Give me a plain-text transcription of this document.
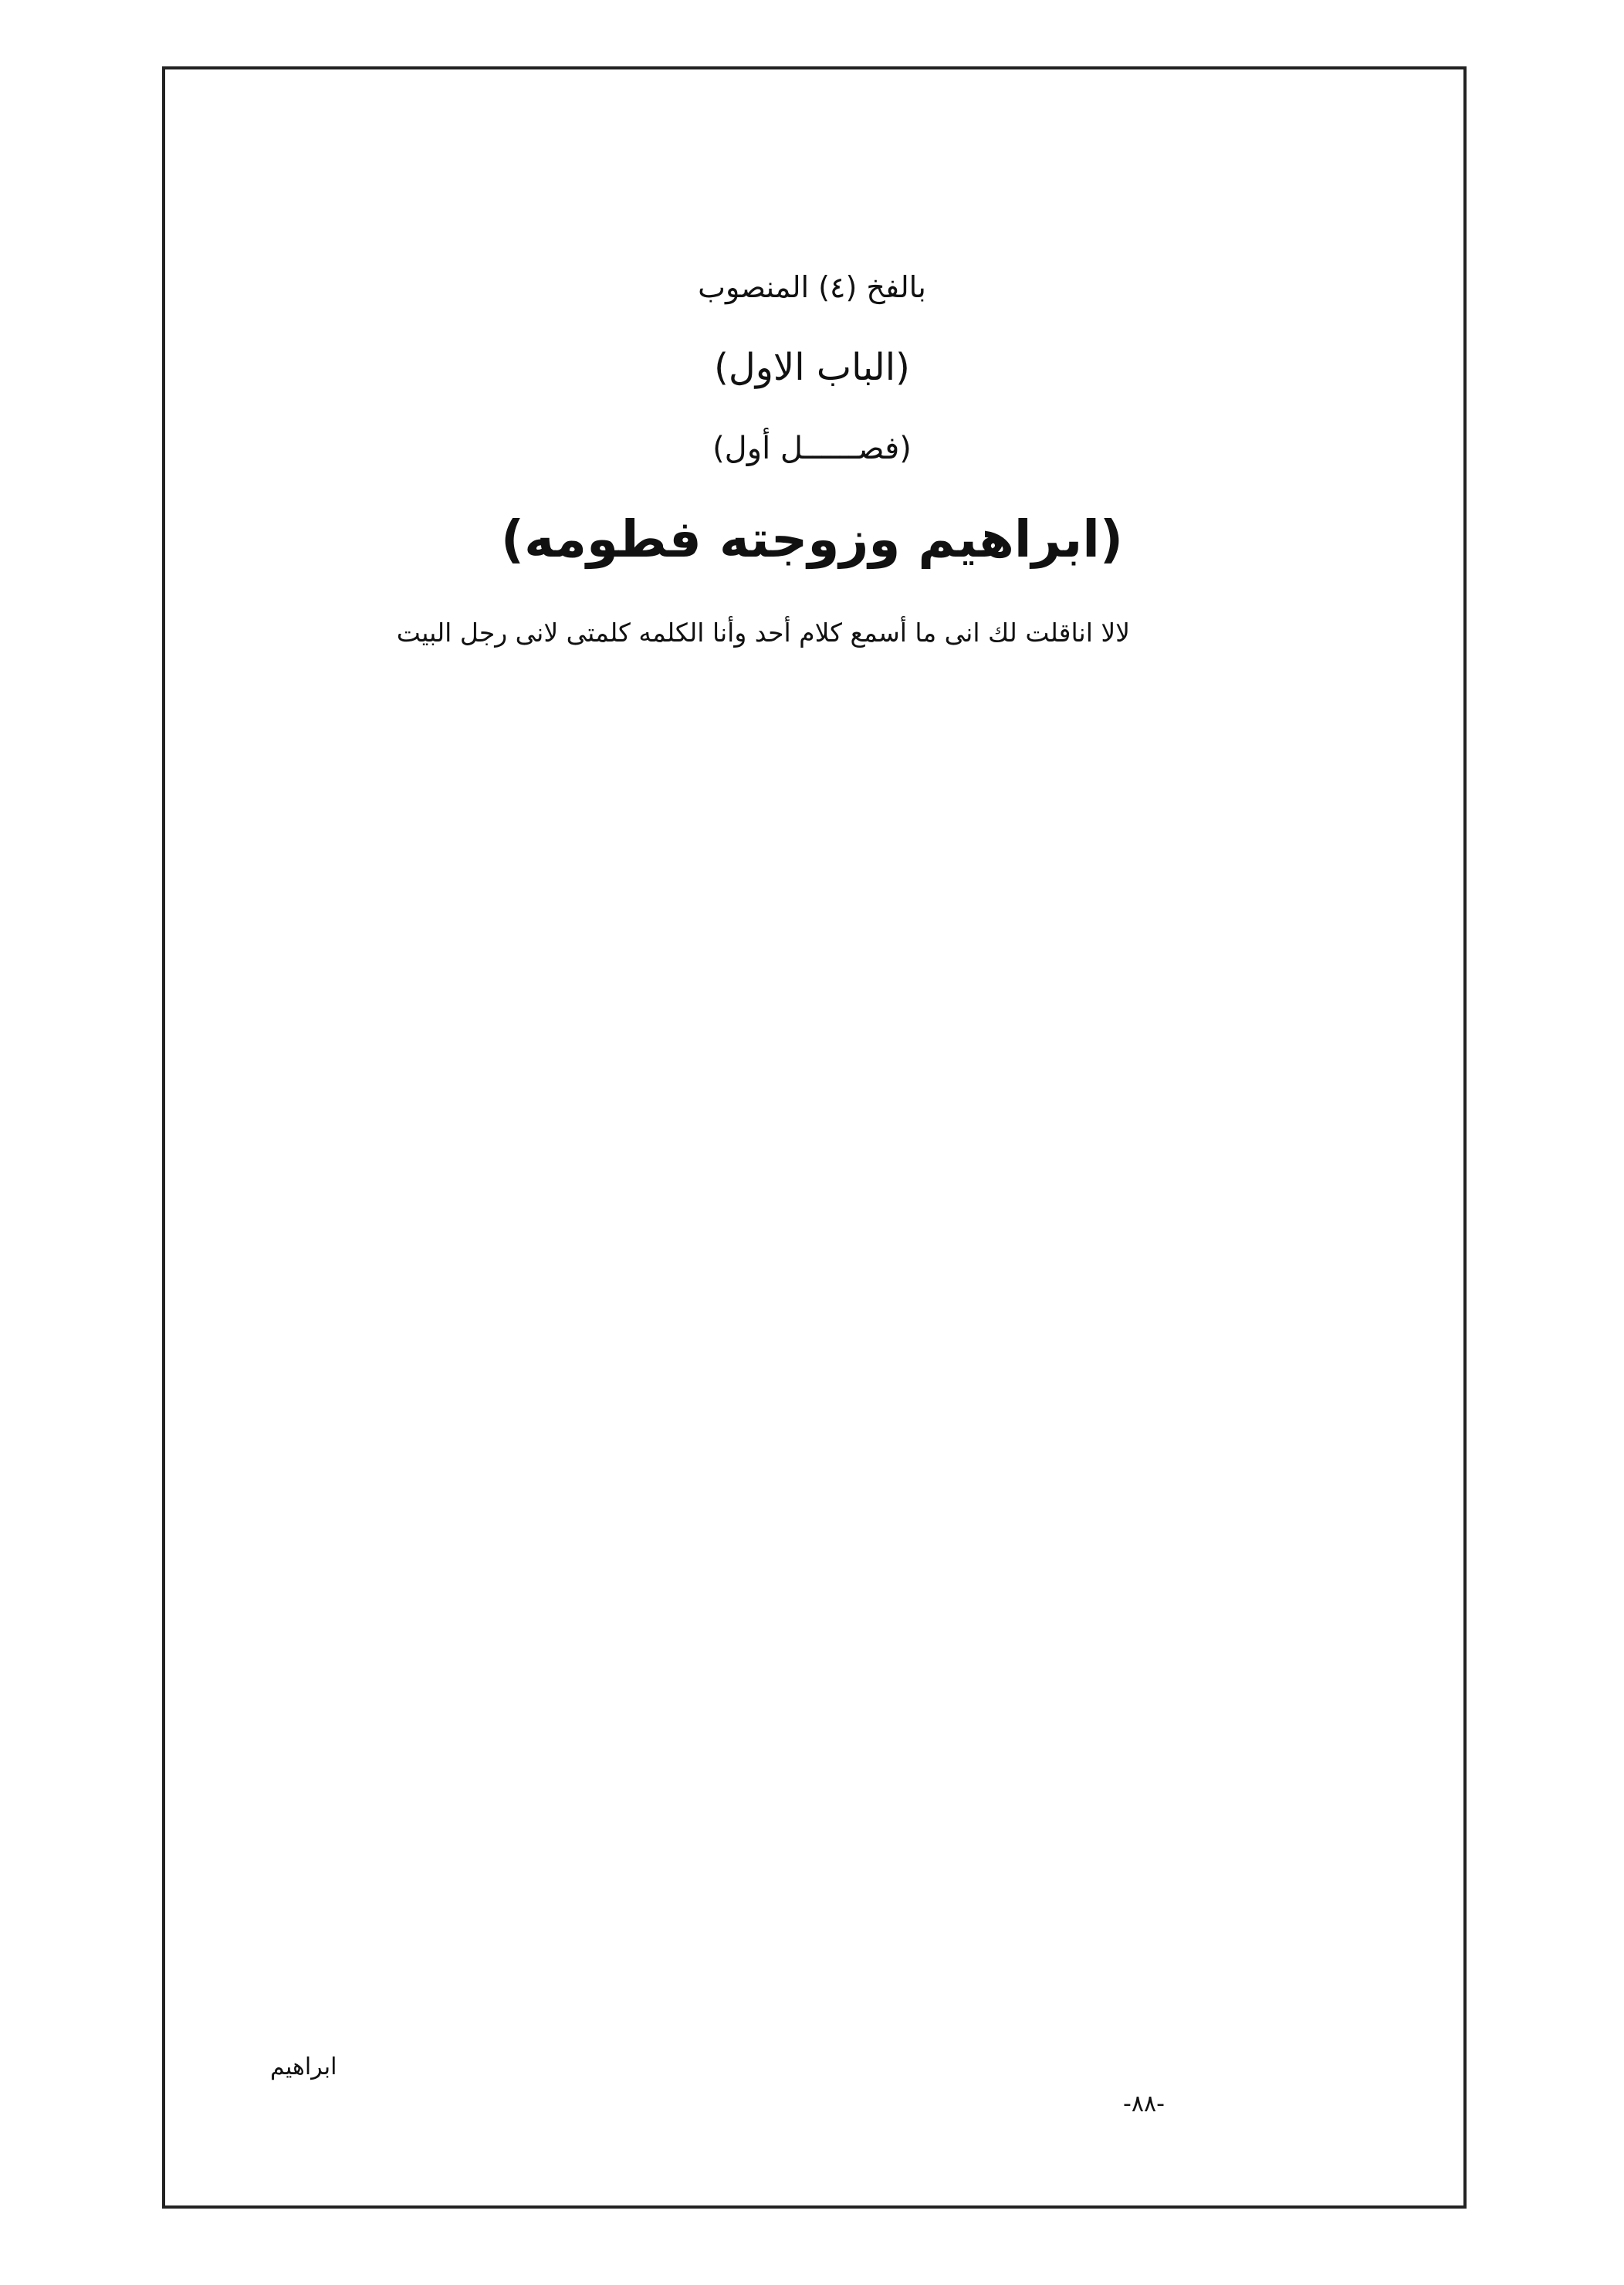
بالفخ (٤) المنصوب
(الباب الاول)
(فصــــــل أول)
(ابراهيم وزوجته فطومه)
لالا اناقلت لك انى ما أسمع كلام أحد وأنا الكلمه كلمتى لانى رجل البيت
ابراهيم
-٨٨-
